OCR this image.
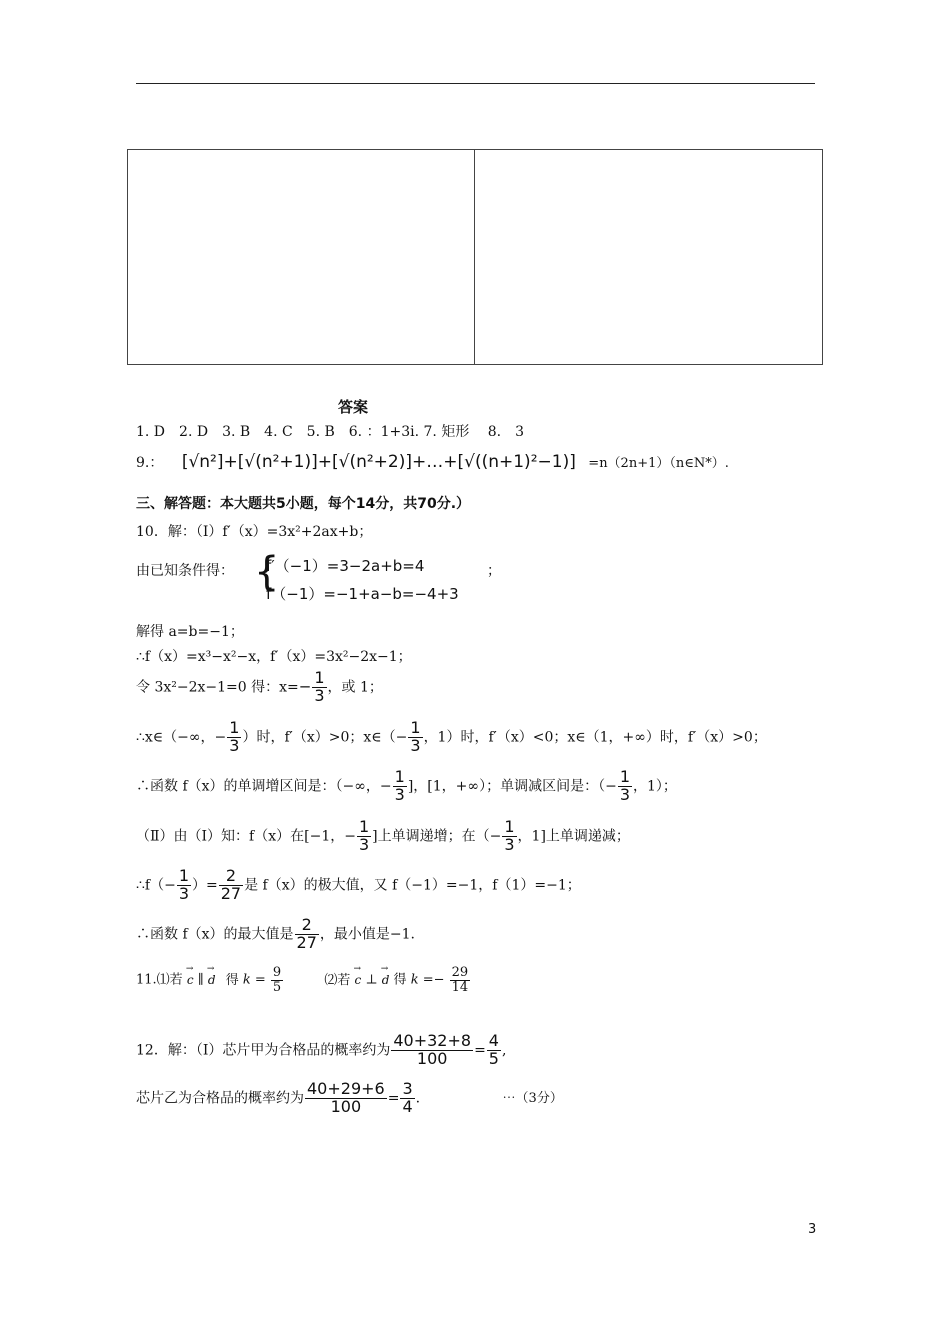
答案
1. D　2. D　3. B　4. C　5. B　6. ：1+3i. 7. 矩形　 8.　3
9.： [√n²]+[√(n²+1)]+[√(n²+2)]+…+[√((n+1)²−1)] =n（2n+1）（n∈N*）.
三、解答题：本大题共5小题，每个14分，共70分.）
10．解：（Ⅰ）f′（x）=3x²+2ax+b；
由已知条件得： {
f′（−1）=3−2a+b=4
f（−1）=−1+a−b=−4+3
；
解得 a=b=−1；
∴f（x）=x³−x²−x，f′（x）=3x²−2x−1；
令 3x²−2x−1=0 得：$x=- \frac{1}{3}$ ，或 1；
∴x∈（−∞，− $\frac{1}{3}$ ）时，f′（x）>0；x∈（− $\frac{1}{3}$ ，1）时，f′（x）<0；x∈（1，+∞）时，f′（x）>0；
∴函数 f（x）的单调增区间是：（−∞，− $\frac{1}{3}$ ]，[1，+∞）；单调减区间是：（− $\frac{1}{3}$ ，1）；
（Ⅱ）由（Ⅰ）知：f（x）在[−1，− $\frac{1}{3}$ ]上单调递增；在（− $\frac{1}{3}$ ，1]上单调递减；
∴f（− $\frac{1}{3}$ ）= $\frac{2}{27}$ 是 f（x）的极大值，又 f（−1）=−1，f（1）=−1；
∴函数 f（x）的最大值是 $\frac{2}{27}$ ，最小值是−1.
11.⑴若 → c ∥ → d 得 $k = \frac{9}{5}$	⑵若 → c ⊥ → d 得 $k =- \frac{29}{14}$
12．解：（Ⅰ）芯片甲为合格品的概率约为 $\frac{40+32+8}{100} = \frac{4}{5}$ ,
芯片乙为合格品的概率约为 $\frac{40+29+6}{100} = \frac{3}{4}$ .	⋯（3分）
3
